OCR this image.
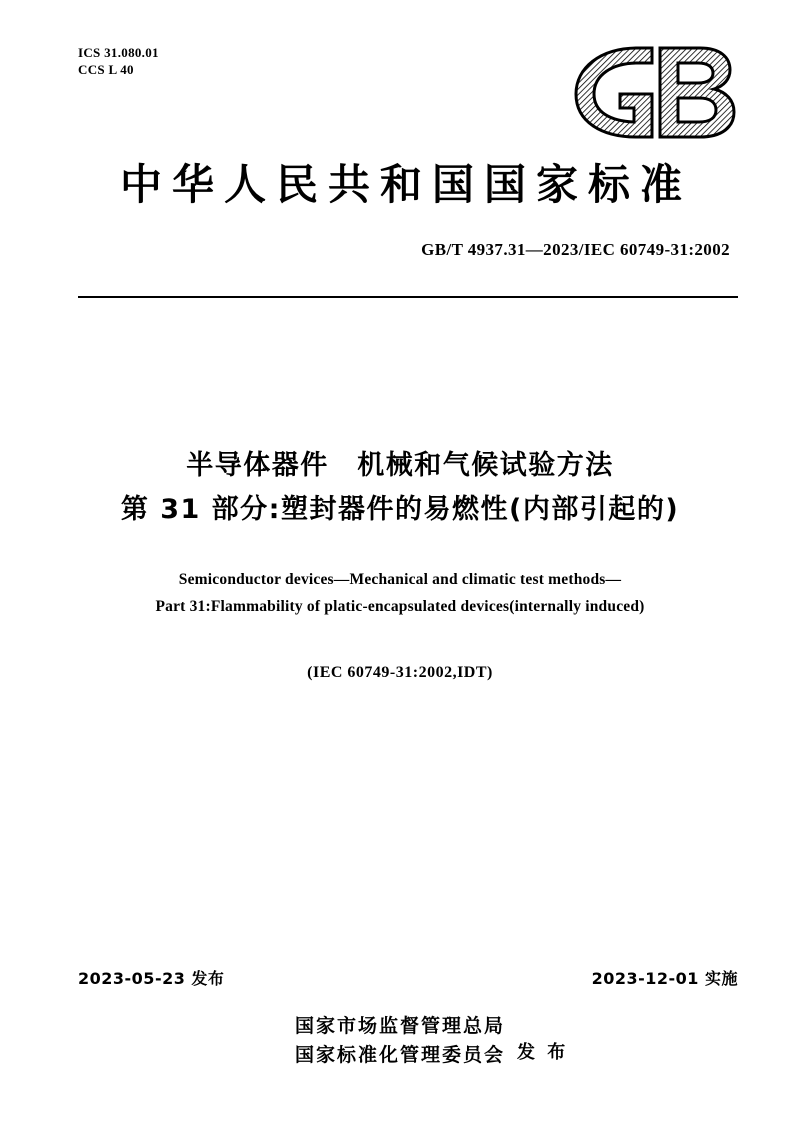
ICS 31.080.01
CCS L 40
中华人民共和国国家标准
GB/T 4937.31—2023/IEC 60749-31:2002
半导体器件　机械和气候试验方法
第 31 部分:塑封器件的易燃性(内部引起的)
Semiconductor devices—Mechanical and climatic test methods—
Part 31:Flammability of platic-encapsulated devices(internally induced)
(IEC 60749-31:2002,IDT)
2023-05-23 发布	2023-12-01 实施
国家市场监督管理总局
国家标准化管理委员会 发 布
